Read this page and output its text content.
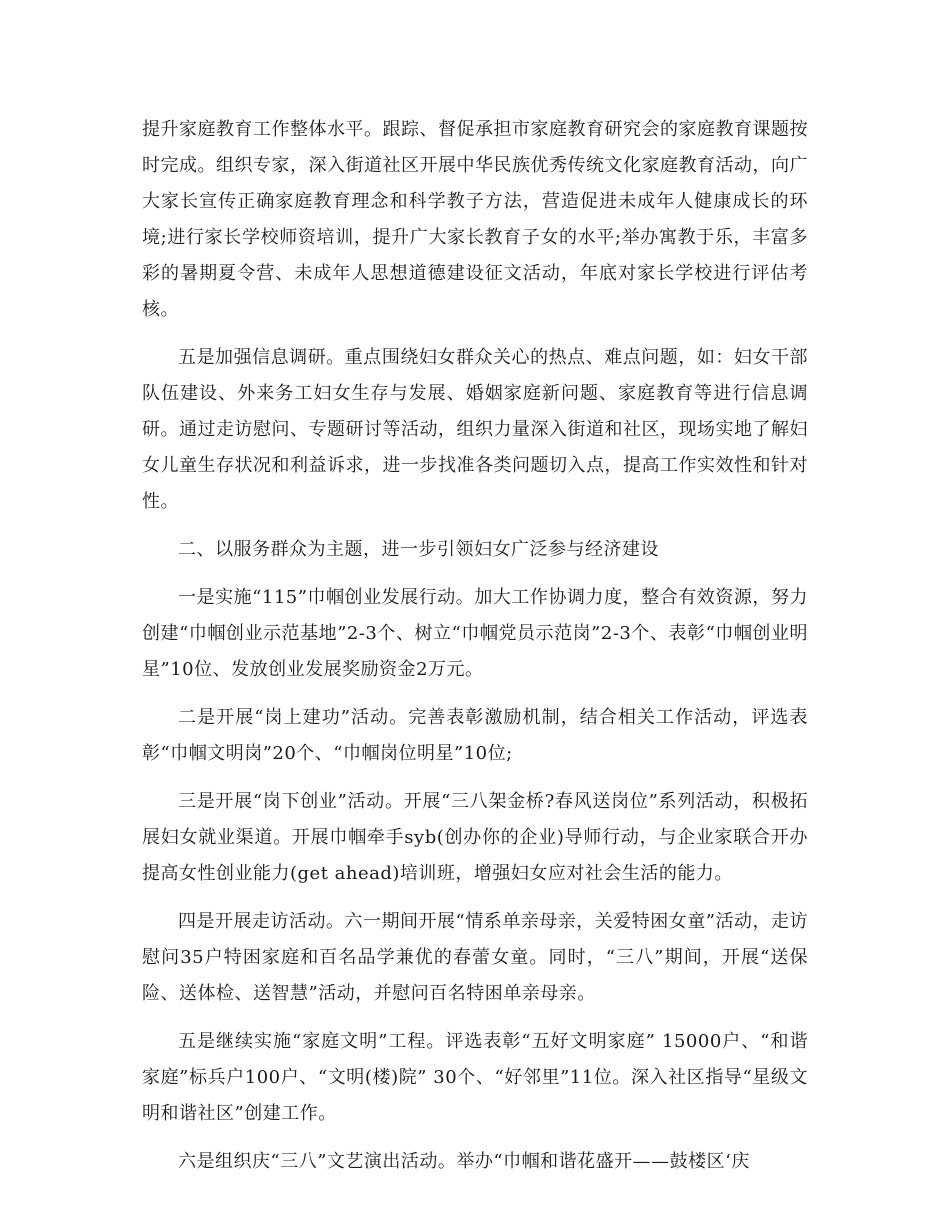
提升家庭教育工作整体水平。跟踪、督促承担市家庭教育研究会的家庭教育课题按时完成。组织专家，深入街道社区开展中华民族优秀传统文化家庭教育活动，向广大家长宣传正确家庭教育理念和科学教子方法，营造促进未成年人健康成长的环境;进行家长学校师资培训，提升广大家长教育子女的水平;举办寓教于乐，丰富多彩的暑期夏令营、未成年人思想道德建设征文活动，年底对家长学校进行评估考核。

五是加强信息调研。重点围绕妇女群众关心的热点、难点问题，如：妇女干部队伍建设、外来务工妇女生存与发展、婚姻家庭新问题、家庭教育等进行信息调研。通过走访慰问、专题研讨等活动，组织力量深入街道和社区，现场实地了解妇女儿童生存状况和利益诉求，进一步找准各类问题切入点，提高工作实效性和针对性。

二、以服务群众为主题，进一步引领妇女广泛参与经济建设

一是实施“115”巾帼创业发展行动。加大工作协调力度，整合有效资源，努力创建“巾帼创业示范基地”2-3个、树立“巾帼党员示范岗”2-3个、表彰“巾帼创业明星”10位、发放创业发展奖励资金2万元。

二是开展“岗上建功”活动。完善表彰激励机制，结合相关工作活动，评选表彰“巾帼文明岗”20个、“巾帼岗位明星”10位;

三是开展“岗下创业”活动。开展“三八架金桥?春风送岗位”系列活动，积极拓展妇女就业渠道。开展巾帼牵手syb(创办你的企业)导师行动，与企业家联合开办提高女性创业能力(get ahead)培训班，增强妇女应对社会生活的能力。

四是开展走访活动。六一期间开展“情系单亲母亲，关爱特困女童”活动，走访慰问35户特困家庭和百名品学兼优的春蕾女童。同时，“三八”期间，开展“送保险、送体检、送智慧”活动，并慰问百名特困单亲母亲。

五是继续实施“家庭文明”工程。评选表彰“五好文明家庭” 15000户、“和谐家庭”标兵户100户、“文明(楼)院” 30个、“好邻里”11位。深入社区指导“星级文明和谐社区”创建工作。

六是组织庆“三八”文艺演出活动。举办“巾帼和谐花盛开——鼓楼区‘庆
